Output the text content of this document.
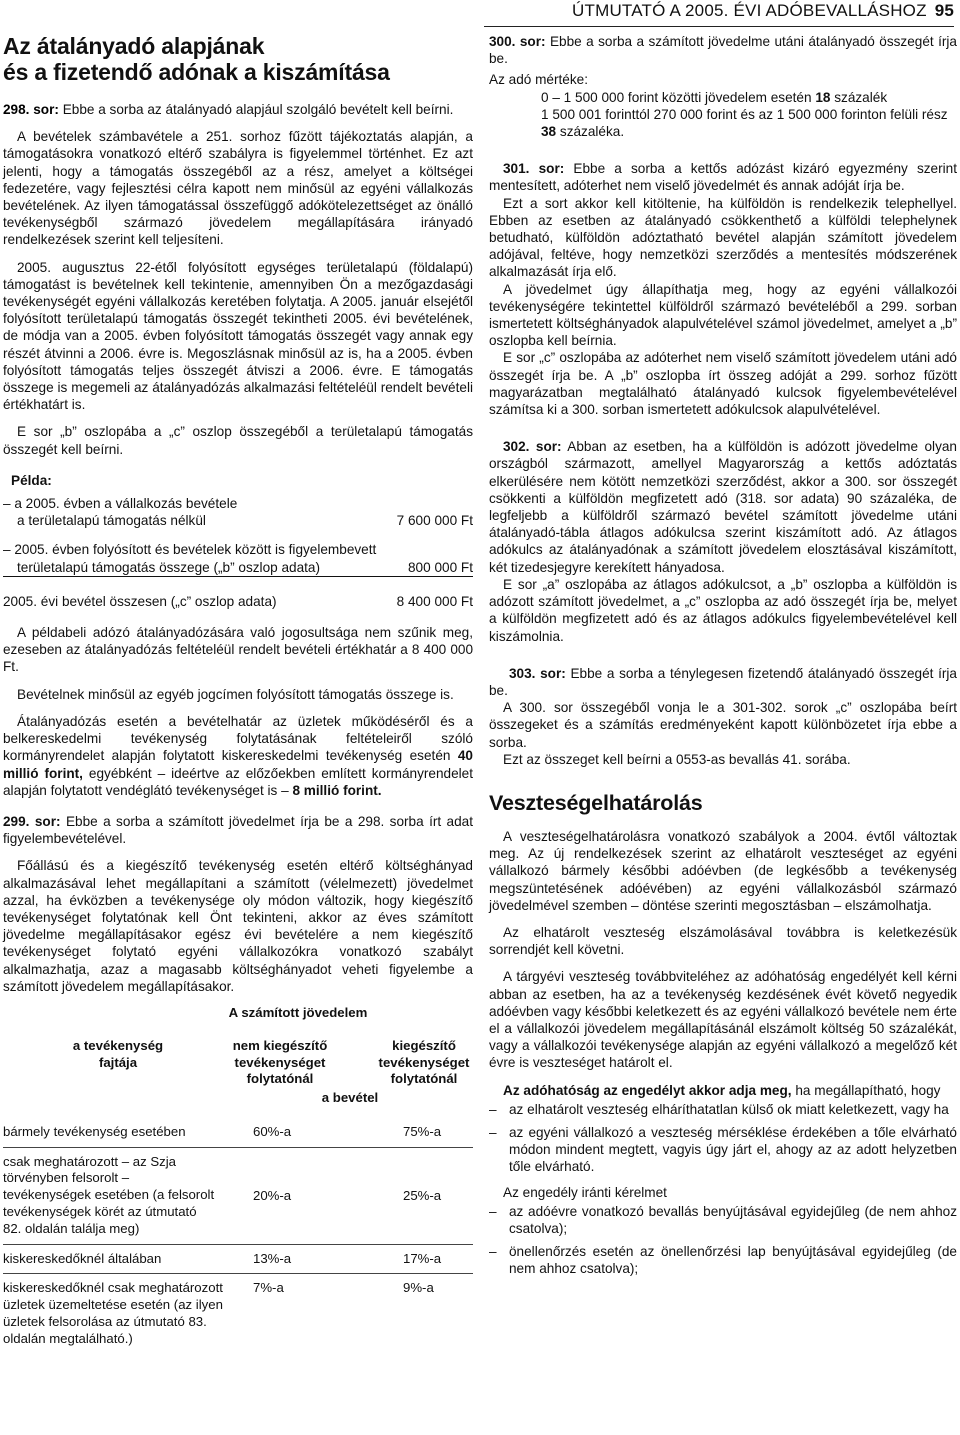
ÚTMUTATÓ A 2005. ÉVI ADÓBEVALLÁSHOZ 95
Az átalányadó alapjának
és a fizetendő adónak a kiszámítása

298. sor: Ebbe a sorba az átalányadó alapjául szolgáló bevételt kell beírni.

A bevételek számbavétele a 251. sorhoz fűzött tájékoztatás alapján, a támogatásokra vonatkozó eltérő szabályra is figyelemmel történhet. Ez azt jelenti, hogy a támogatás összegéből az a rész, amelyet a költségei fedezetére, vagy fejlesztési célra kapott nem minősül az egyéni vállalkozás bevételének. Az ilyen támogatással összefüggő adókötelezettséget az önálló tevékenységből származó jövedelem megállapítására irányadó rendelkezések szerint kell teljesíteni.

2005. augusztus 22-étől folyósított egységes területalapú (földalapú) támogatást is bevételnek kell tekintenie, amennyiben Ön a mezőgazdasági tevékenységét egyéni vállalkozás keretében folytatja. A 2005. január elsejétől folyósított területalapú támogatás összegét tekintheti 2005. évi bevételének, de módja van a 2005. évben folyósított támogatás összegét vagy annak egy részét átvinni a 2006. évre is. Megoszlásnak minősül az is, ha a 2005. évben folyósított támogatás teljes összegét átviszi a 2006. évre. E támogatás összege is megemeli az átalányadózás alkalmazási feltételéül rendelt bevételi értékhatárt is.

E sor „b” oszlopába a „c” oszlop összegéből a területalapú támogatás összegét kell beírni.

Példa:
– a 2005. évben a vállalkozás bevétele
a területalapú támogatás nélkül	7 600 000 Ft
– 2005. évben folyósított és bevételek között is figyelembevett
területalapú támogatás összege („b” oszlop adata)	800 000 Ft
2005. évi bevétel összesen („c” oszlop adata)	8 400 000 Ft

A példabeli adózó átalányadózására való jogosultsága nem szűnik meg, ezeseben az átalányadózás feltételéül rendelt bevételi értékhatár a 8 400 000 Ft.

Bevételnek minősül az egyéb jogcímen folyósított támogatás összege is.

Átalányadózás esetén a bevételhatár az üzletek működéséről és a belkereskedelmi tevékenység folytatásának feltételeiről szóló kormányrendelet alapján folytatott kiskereskedelmi tevékenység esetén 40 millió forint, egyébként – ideértve az előzőekben említett kormányrendelet alapján folytatott vendéglátó tevékenységet is – 8 millió forint.

299. sor: Ebbe a sorba a számított jövedelmet írja be a 298. sorba írt adat figyelembevételével.

Főállású és a kiegészítő tevékenység esetén eltérő költséghányad alkalmazásával lehet megállapítani a számított (vélelmezett) jövedelmet azzal, ha évközben a tevékenysége oly módon változik, hogy kiegészítő tevékenységet folytatónak kell Önt tekinteni, akkor az éves számított jövedelme megállapításakor egész évi bevételére a nem kiegészítő tevékenységet folytató egyéni vállalkozókra vonatkozó szabályt alkalmazhatja, azaz a magasabb költséghányadot veheti figyelembe a számított jövedelem megállapításakor.

A számított jövedelem
a tevékenység fajtája
nem kiegészítő tevékenységet folytatónál
kiegészítő tevékenységet folytatónál
a bevétel
bármely tevékenység esetében	60%-a	75%-a
csak meghatározott – az Szja törvényben felsorolt – tevékenységek esetében (a felsorolt tevékenységek körét az útmutató 82. oldalán találja meg)
20%-a	25%-a
kiskereskedőknél általában	13%-a	17%-a
kiskereskedőknél csak meghatározott üzletek üzemeltetése esetén (az ilyen üzletek felsorolása az útmutató 83. oldalán megtalálható.)
7%-a	9%-a

300. sor: Ebbe a sorba a számított jövedelme utáni átalányadó összegét írja be.

Az adó mértéke:
0 – 1 500 000 forint közötti jövedelem esetén 18 százalék
1 500 001 forinttól 270 000 forint és az 1 500 000 forinton felüli rész 38 százaléka.

301. sor: Ebbe a sorba a kettős adózást kizáró egyezmény szerint mentesített, adóterhet nem viselő jövedelmét és annak adóját írja be.

Ezt a sort akkor kell kitöltenie, ha külföldön is rendelkezik telephellyel. Ebben az esetben az átalányadó csökkenthető a külföldi telephelynek betudható, külföldön adóztatható bevétel alapján számított jövedelem adójával, feltéve, hogy nemzetközi szerződés a mentesítés módszerének alkalmazását írja elő.

A jövedelmet úgy állapíthatja meg, hogy az egyéni vállalkozói tevékenységére tekintettel külföldről származó bevételéből a 299. sorban ismertetett költséghányadok alapulvételével számol jövedelmet, amelyet a „b” oszlopba kell beírnia.

E sor „c” oszlopába az adóterhet nem viselő számított jövedelem utáni adó összegét írja be. A „b” oszlopba írt összeg adóját a 299. sorhoz fűzött magyarázatban megtalálható átalányadó kulcsok figyelembevételével számítsa ki a 300. sorban ismertetett adókulcsok alapulvételével.

302. sor: Abban az esetben, ha a külföldön is adózott jövedelme olyan országból származott, amellyel Magyarország a kettős adóztatás elkerülésére nem kötött nemzetközi szerződést, akkor a 300. sor összegét csökkenti a külföldön megfizetett adó (318. sor adata) 90 százaléka, de legfeljebb a külföldről származó bevétel számított jövedelme utáni átalányadó-tábla átlagos adókulcsa szerint kiszámított adó. Az átlagos adókulcs az átalányadónak a számított jövedelem elosztásával kiszámított, két tizedesjegyre kerekített hányadosa.

E sor „a” oszlopába az átlagos adókulcsot, a „b” oszlopba a külföldön is adózott számított jövedelmet, a „c” oszlopba az adó összegét írja be, melyet a külföldön megfizetett adó és az átlagos adókulcs figyelembevételével kell kiszámolnia.

303. sor: Ebbe a sorba a ténylegesen fizetendő átalányadó összegét írja be.

A 300. sor összegéből vonja le a 301-302. sorok „c” oszlopába beírt összegeket és a számítás eredményeként kapott különbözetet írja ebbe a sorba.

Ezt az összeget kell beírni a 0553-as bevallás 41. sorába.

Veszteségelhatárolás

A veszteségelhatárolásra vonatkozó szabályok a 2004. évtől változtak meg. Az új rendelkezések szerint az elhatárolt veszteséget az egyéni vállalkozó bármely későbbi adóévben (de legkésőbb a tevékenység megszüntetésének adóévében) az egyéni vállalkozásból származó jövedelmével szemben – döntése szerinti megosztásban – elszámolhatja.

Az elhatárolt veszteség elszámolásával továbbra is keletkezésük sorrendjét kell követni.

A tárgyévi veszteség továbbviteléhez az adóhatóság engedélyét kell kérni abban az esetben, ha az a tevékenység kezdésének évét követő negyedik adóévben vagy későbbi keletkezett és az egyéni vállalkozó bevétele nem érte el a vállalkozói jövedelem megállapításánál elszámolt költség 50 százalékát, vagy a vállalkozói tevékenysége alapján az egyéni vállalkozó a megelőző két évre is veszteséget határolt el.

Az adóhatóság az engedélyt akkor adja meg, ha megállapítható, hogy

– az elhatárolt veszteség elháríthatatlan külső ok miatt keletkezett, vagy ha
– az egyéni vállalkozó a veszteség mérséklése érdekében a tőle elvárható módon mindent megtett, vagyis úgy járt el, ahogy az az adott helyzetben tőle elvárható.
Az engedély iránti kérelmet
– az adóévre vonatkozó bevallás benyújtásával egyidejűleg (de nem ahhoz csatolva);
– önellenőrzés esetén az önellenőrzési lap benyújtásával egyidejűleg (de nem ahhoz csatolva);
